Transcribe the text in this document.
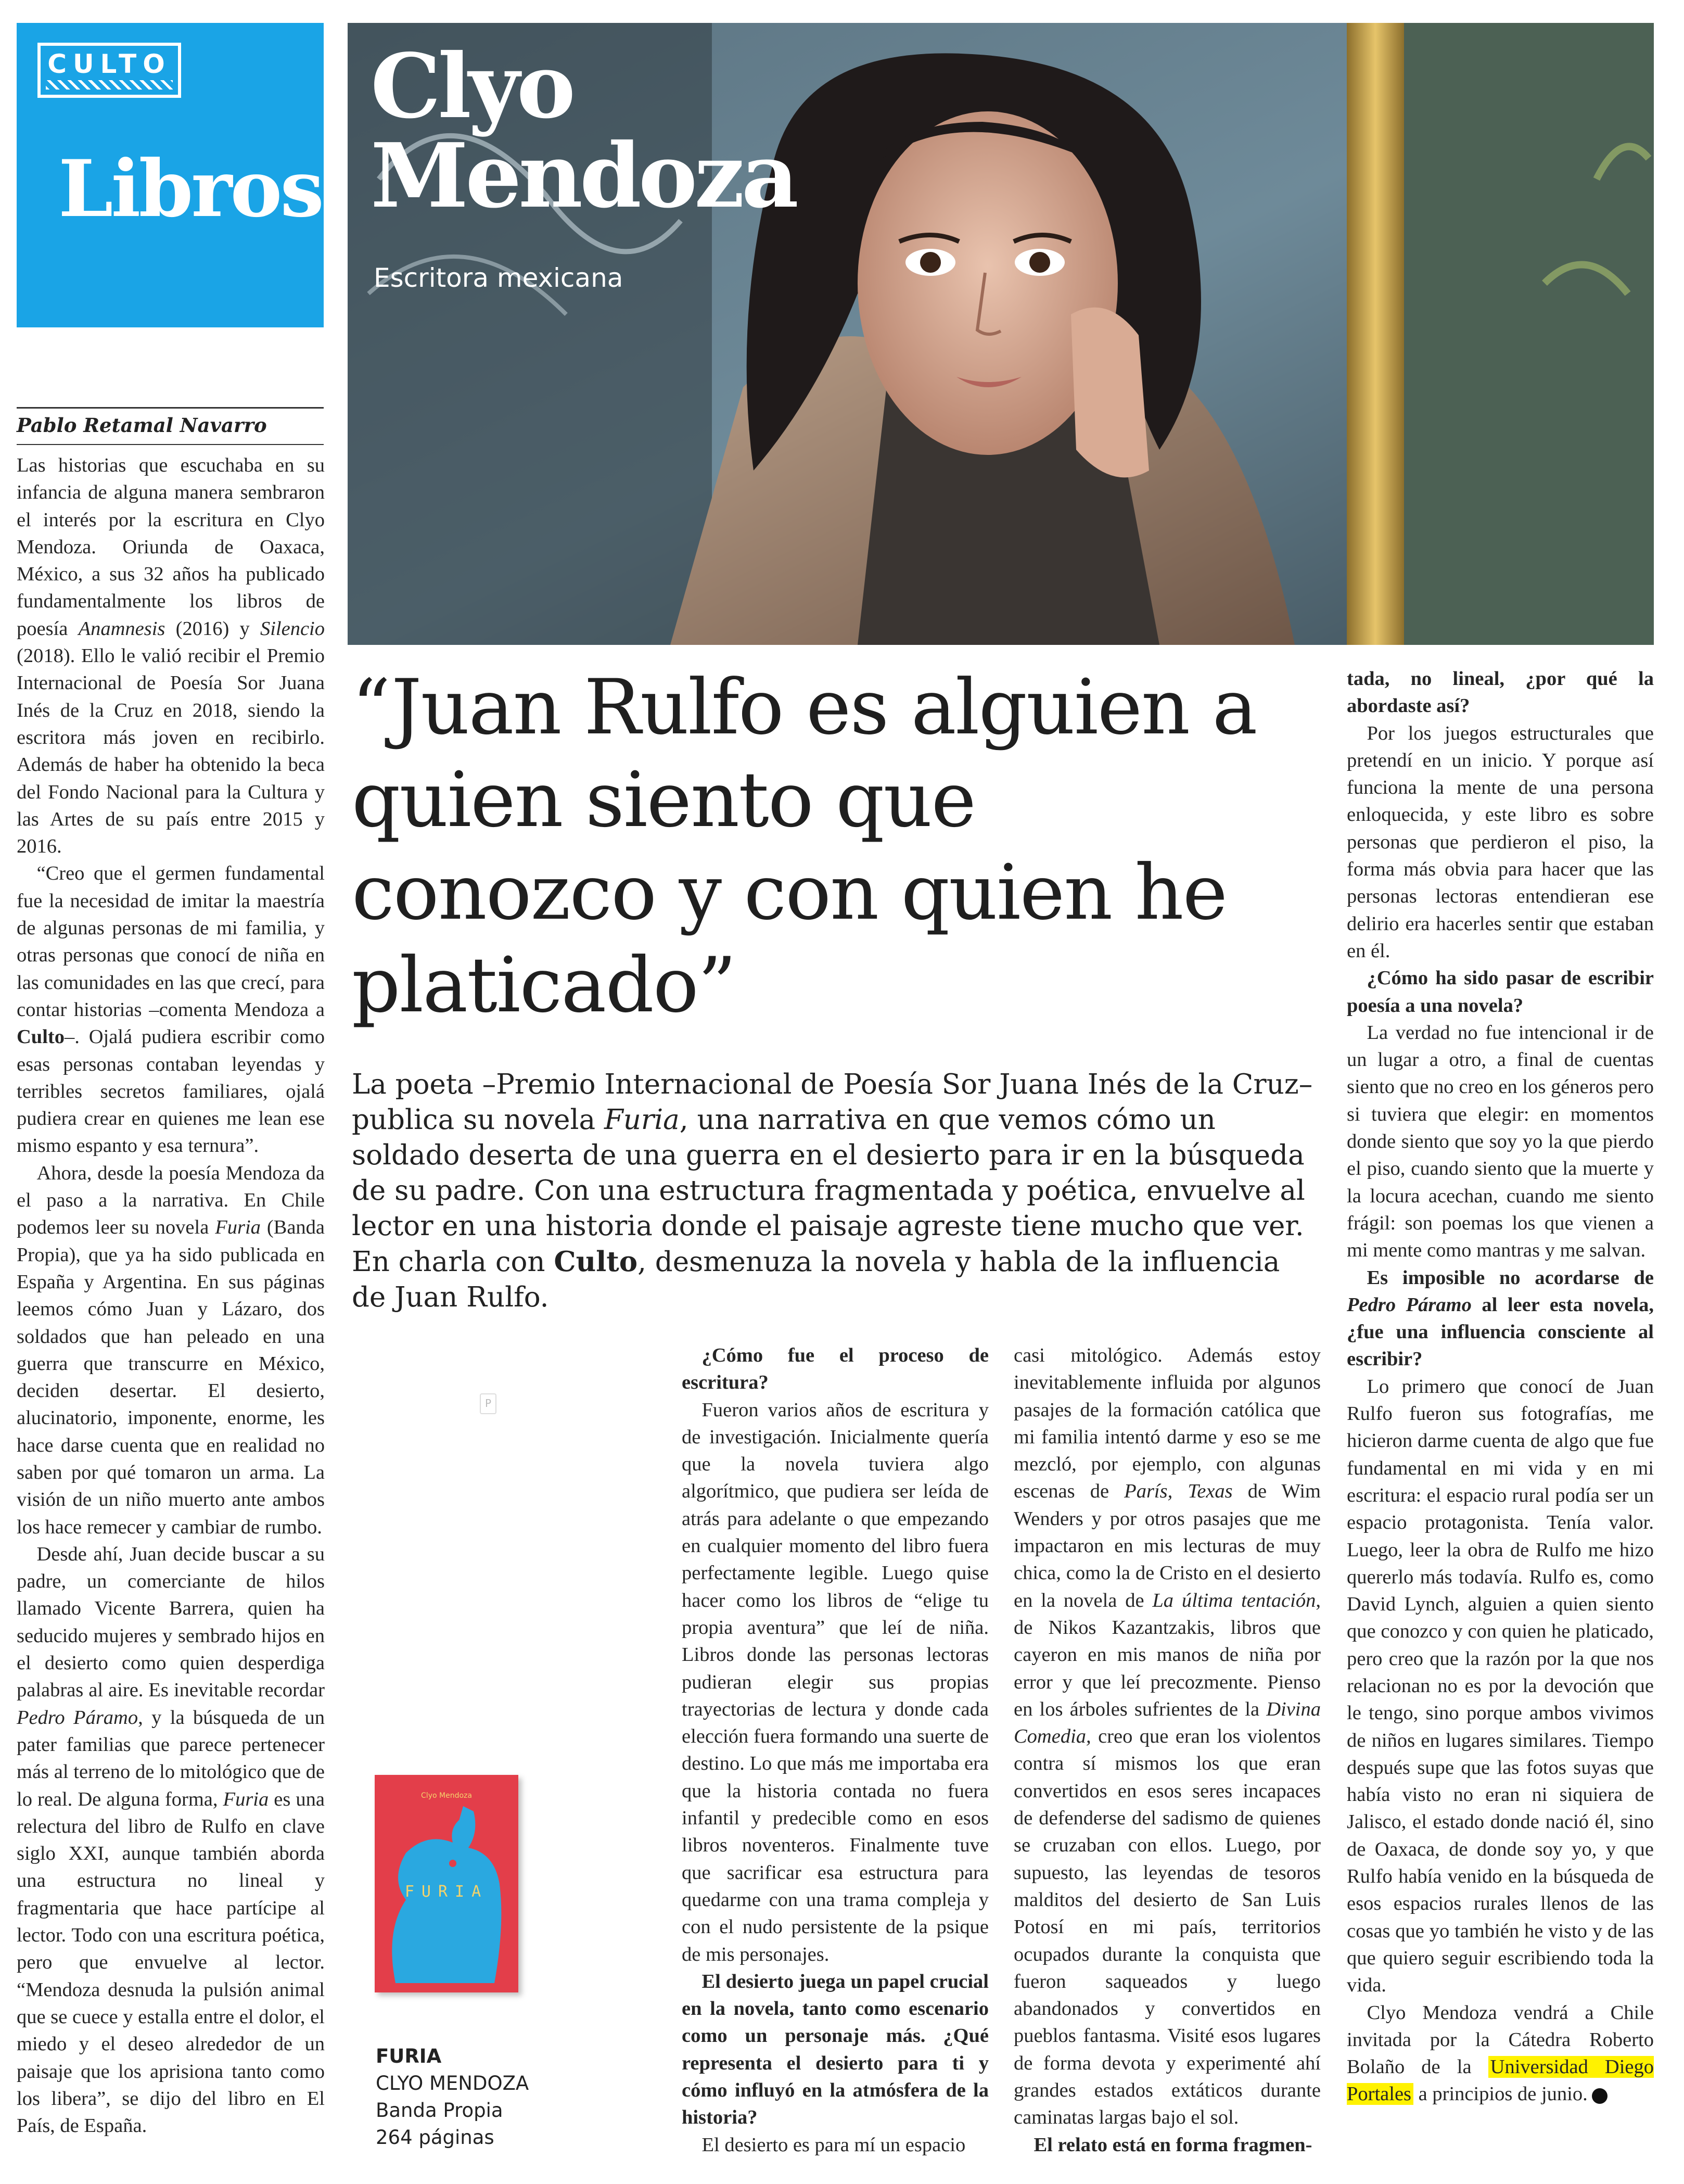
CULTO
Libros
Clyo
Mendoza
Escritora mexicana
Pablo Retamal Navarro

Las historias que escuchaba en su infancia de alguna manera sembraron el interés por la escritura en Clyo Mendoza. Oriunda de Oaxaca, México, a sus 32 años ha publicado fundamentalmente los libros de poesía Anamnesis (2016) y Silencio (2018). Ello le valió recibir el Premio Internacional de Poesía Sor Juana Inés de la Cruz en 2018, siendo la escritora más joven en recibirlo. Además de haber ha obtenido la beca del Fondo Nacional para la Cultura y las Artes de su país entre 2015 y 2016.

“Creo que el germen fundamental fue la necesidad de imitar la maestría de algunas personas de mi familia, y otras personas que conocí de niña en las comunidades en las que crecí, para contar historias –comenta Mendoza a Culto–. Ojalá pudiera escribir como esas personas contaban leyendas y terribles secretos familiares, ojalá pudiera crear en quienes me lean ese mismo espanto y esa ternura”.

Ahora, desde la poesía Mendoza da el paso a la narrativa. En Chile podemos leer su novela Furia (Banda Propia), que ya ha sido publicada en España y Argentina. En sus páginas leemos cómo Juan y Lázaro, dos soldados que han peleado en una guerra que transcurre en México, deciden desertar. El desierto, alucinatorio, imponente, enorme, les hace darse cuenta que en realidad no saben por qué tomaron un arma. La visión de un niño muerto ante ambos los hace remecer y cambiar de rumbo.

Desde ahí, Juan decide buscar a su padre, un comerciante de hilos llamado Vicente Barrera, quien ha seducido mujeres y sembrado hijos en el desierto como quien desperdiga palabras al aire. Es inevitable recordar Pedro Páramo, y la búsqueda de un pater familias que parece pertenecer más al terreno de lo mitológico que de lo real. De alguna forma, Furia es una relectura del libro de Rulfo en clave siglo XXI, aunque también aborda una estructura no lineal y fragmentaria que hace partícipe al lector. Todo con una escritura poética, pero que envuelve al lector. “Mendoza desnuda la pulsión animal que se cuece y estalla entre el dolor, el miedo y el deseo alrededor de un paisaje que los aprisiona tanto como los libera”, se dijo del libro en El País, de España.

“Juan Rulfo es alguien a quien siento que conozco y con quien he platicado”
La poeta –Premio Internacional de Poesía Sor Juana Inés de la Cruz– publica su novela Furia, una narrativa en que vemos cómo un soldado deserta de una guerra en el desierto para ir en la búsqueda de su padre. Con una estructura fragmentada y poética, envuelve al lector en una historia donde el paisaje agreste tiene mucho que ver. En charla con Culto, desmenuza la novela y habla de la influencia de Juan Rulfo.
P

¿Cómo fue el proceso de escritura?

Fueron varios años de escritura y de investigación. Inicialmente quería que la novela tuviera algo algorítmico, que pudiera ser leída de atrás para adelante o que empezando en cualquier momento del libro fuera perfectamente legible. Luego quise hacer como los libros de “elige tu propia aventura” que leí de niña. Libros donde las personas lectoras pudieran elegir sus propias trayectorias de lectura y donde cada elección fuera formando una suerte de destino. Lo que más me importaba era que la historia contada no fuera infantil y predecible como en esos libros noventeros. Finalmente tuve que sacrificar esa estructura para quedarme con una trama compleja y con el nudo persistente de la psique de mis personajes.

El desierto juega un papel crucial en la novela, tanto como escenario como un personaje más. ¿Qué representa el desierto para ti y cómo influyó en la atmósfera de la historia?

El desierto es para mí un espacio

casi mitológico. Además estoy inevitablemente influida por algunos pasajes de la formación católica que mi familia intentó darme y eso se me mezcló, por ejemplo, con algunas escenas de París, Texas de Wim Wenders y por otros pasajes que me impactaron en mis lecturas de muy chica, como la de Cristo en el desierto en la novela de La última tentación, de Nikos Kazantzakis, libros que cayeron en mis manos de niña por error y que leí precozmente. Pienso en los árboles sufrientes de la Divina Comedia, creo que eran los violentos contra sí mismos los que eran convertidos en esos seres incapaces de defenderse del sadismo de quienes se cruzaban con ellos. Luego, por supuesto, las leyendas de tesoros malditos del desierto de San Luis Potosí en mi país, territorios ocupados durante la conquista que fueron saqueados y luego abandonados y convertidos en pueblos fantasma. Visité esos lugares de forma devota y experimenté ahí grandes estados extáticos durante caminatas largas bajo el sol.

El relato está en forma fragmen-

tada, no lineal, ¿por qué la abordaste así?

Por los juegos estructurales que pretendí en un inicio. Y porque así funciona la mente de una persona enloquecida, y este libro es sobre personas que perdieron el piso, la forma más obvia para hacer que las personas lectoras entendieran ese delirio era hacerles sentir que estaban en él.

¿Cómo ha sido pasar de escribir poesía a una novela?

La verdad no fue intencional ir de un lugar a otro, a final de cuentas siento que no creo en los géneros pero si tuviera que elegir: en momentos donde siento que soy yo la que pierdo el piso, cuando siento que la muerte y la locura acechan, cuando me siento frágil: son poemas los que vienen a mi mente como mantras y me salvan.

Es imposible no acordarse de Pedro Páramo al leer esta novela, ¿fue una influencia consciente al escribir?

Lo primero que conocí de Juan Rulfo fueron sus fotografías, me hicieron darme cuenta de algo que fue fundamental en mi vida y en mi escritura: el espacio rural podía ser un espacio protagonista. Tenía valor. Luego, leer la obra de Rulfo me hizo quererlo más todavía. Rulfo es, como David Lynch, alguien a quien siento que conozco y con quien he platicado, pero creo que la razón por la que nos relacionan no es por la devoción que le tengo, sino porque ambos vivimos de niños en lugares similares. Tiempo después supe que las fotos suyas que había visto no eran ni siquiera de Jalisco, el estado donde nació él, sino de Oaxaca, de donde soy yo, y que Rulfo había venido en la búsqueda de esos espacios rurales llenos de las cosas que yo también he visto y de las que quiero seguir escribiendo toda la vida.

Clyo Mendoza vendrá a Chile invitada por la Cátedra Roberto Bolaño de la Universidad Diego Portales a principios de junio.

Clyo Mendoza
FURIA
FURIA
CLYO MENDOZA
Banda Propia
264 páginas
